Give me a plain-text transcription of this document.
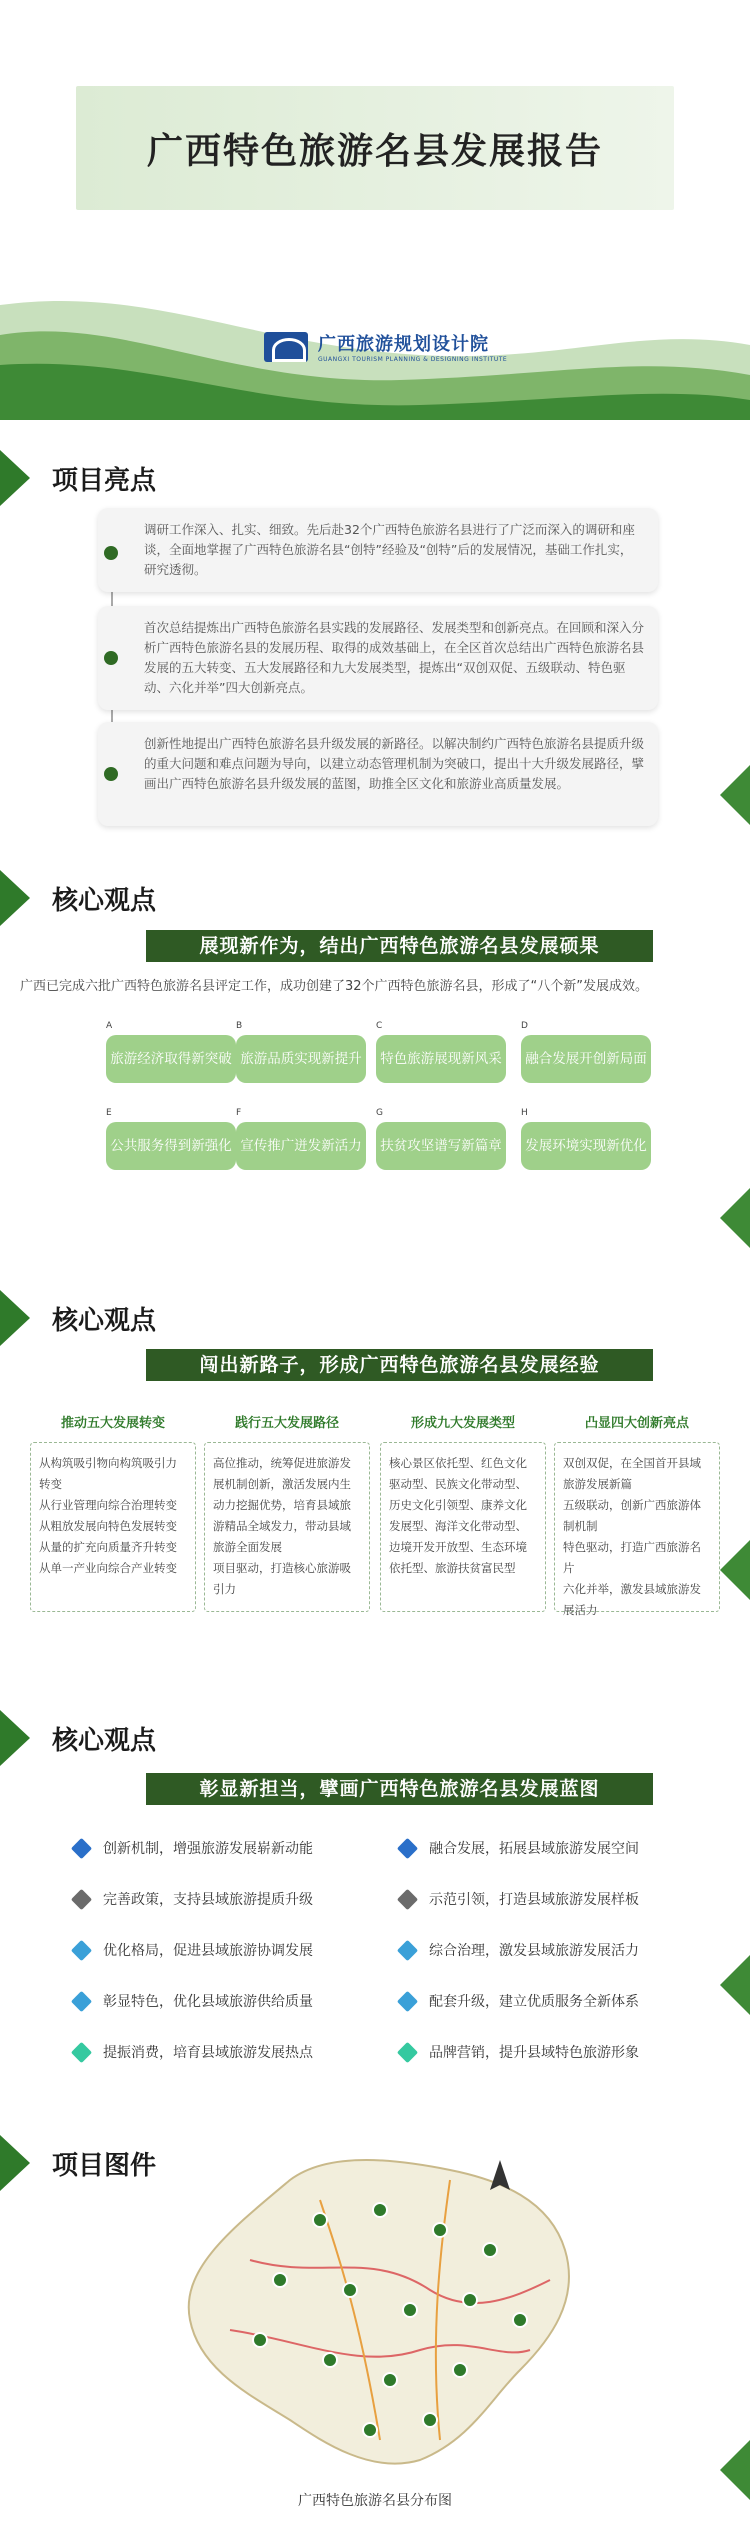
广西特色旅游名县发展报告
广西旅游规划设计院
GUANGXI TOURISM PLANNING & DESIGNING INSTITUTE
项目亮点
调研工作深入、扎实、细致。先后赴32个广西特色旅游名县进行了广泛而深入的调研和座谈，全面地掌握了广西特色旅游名县“创特”经验及“创特”后的发展情况，基础工作扎实，研究透彻。
首次总结提炼出广西特色旅游名县实践的发展路径、发展类型和创新亮点。在回顾和深入分析广西特色旅游名县的发展历程、取得的成效基础上，在全区首次总结出广西特色旅游名县发展的五大转变、五大发展路径和九大发展类型，提炼出“双创双促、五级联动、特色驱动、六化并举”四大创新亮点。
创新性地提出广西特色旅游名县升级发展的新路径。以解决制约广西特色旅游名县提质升级的重大问题和难点问题为导向，以建立动态管理机制为突破口，提出十大升级发展路径，擘画出广西特色旅游名县升级发展的蓝图，助推全区文化和旅游业高质量发展。
核心观点
展现新作为，结出广西特色旅游名县发展硕果
广西已完成六批广西特色旅游名县评定工作，成功创建了32个广西特色旅游名县，形成了“八个新”发展成效。
A
旅游经济取得新突破
B
旅游品质实现新提升
C
特色旅游展现新风采
D
融合发展开创新局面
E
公共服务得到新强化
F
宣传推广迸发新活力
G
扶贫攻坚谱写新篇章
H
发展环境实现新优化
核心观点
闯出新路子，形成广西特色旅游名县发展经验
推动五大发展转变
从构筑吸引物向构筑吸引力转变
从行业管理向综合治理转变
从粗放发展向特色发展转变
从量的扩充向质量齐升转变
从单一产业向综合产业转变
践行五大发展路径
高位推动，统筹促进旅游发展机制创新，激活发展内生动力挖掘优势，培育县域旅游精品全域发力，带动县域旅游全面发展
项目驱动，打造核心旅游吸引力
形成九大发展类型
核心景区依托型、红色文化驱动型、民族文化带动型、历史文化引领型、康养文化发展型、海洋文化带动型、边境开发开放型、生态环境依托型、旅游扶贫富民型
凸显四大创新亮点
双创双促，在全国首开县域旅游发展新篇
五级联动，创新广西旅游体制机制
特色驱动，打造广西旅游名片
六化并举，激发县域旅游发展活力
核心观点
彰显新担当，擘画广西特色旅游名县发展蓝图
创新机制，增强旅游发展崭新动能
完善政策，支持县域旅游提质升级
优化格局，促进县域旅游协调发展
彰显特色，优化县域旅游供给质量
提振消费，培育县域旅游发展热点
融合发展，拓展县域旅游发展空间
示范引领，打造县域旅游发展样板
综合治理，激发县域旅游发展活力
配套升级，建立优质服务全新体系
品牌营销，提升县域特色旅游形象
项目图件
广西特色旅游名县分布图
